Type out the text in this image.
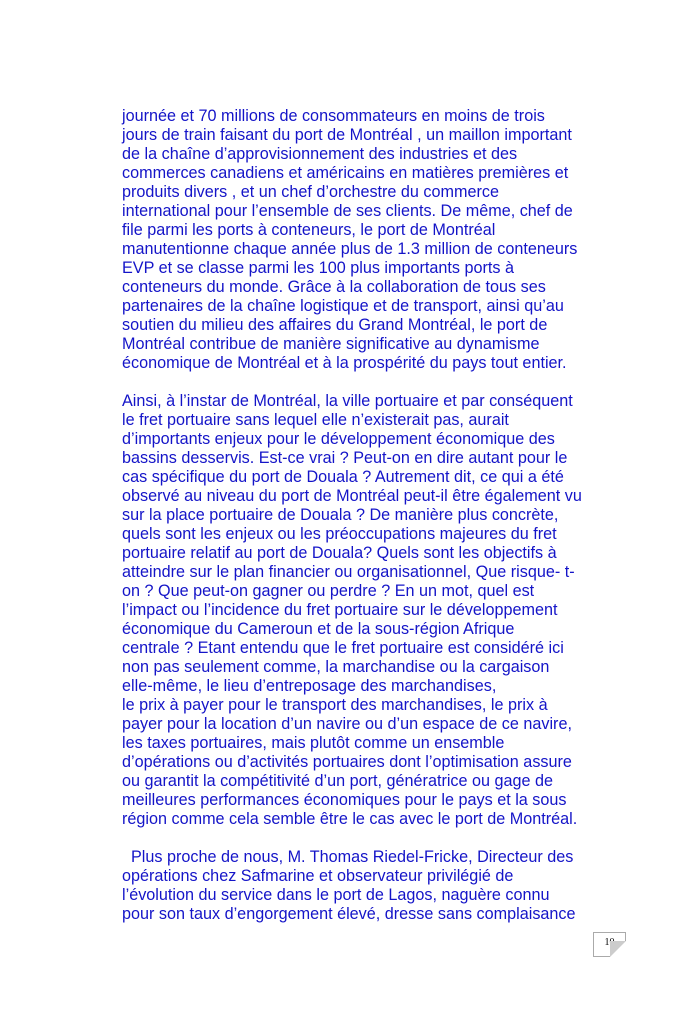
journée et 70 millions de consommateurs en moins de trois
jours de train faisant du port de Montréal , un maillon important
de la chaîne d’approvisionnement des industries et des
commerces canadiens et américains en matières premières et
produits divers , et un chef d’orchestre du commerce
international pour l’ensemble de ses clients. De même, chef de
file parmi les ports à conteneurs, le port de Montréal
manutentionne chaque année plus de 1.3 million de conteneurs
EVP et se classe parmi les 100 plus importants ports à
conteneurs du monde. Grâce à la collaboration de tous ses
partenaires de la chaîne logistique et de transport, ainsi qu’au
soutien du milieu des affaires du Grand Montréal, le port de
Montréal contribue de manière significative au dynamisme
économique de Montréal et à la prospérité du pays tout entier.
Ainsi, à l’instar de Montréal, la ville portuaire et par conséquent
le fret portuaire sans lequel elle n’existerait pas, aurait
d’importants enjeux pour le développement économique des
bassins desservis. Est-ce vrai ? Peut-on en dire autant pour le
cas spécifique du port de Douala ? Autrement dit, ce qui a été
observé au niveau du port de Montréal peut-il être également vu
sur la place portuaire de Douala ? De manière plus concrète,
quels sont les enjeux ou les préoccupations majeures du fret
portuaire relatif au port de Douala? Quels sont les objectifs à
atteindre sur le plan financier ou organisationnel, Que risque- t-
on ? Que peut-on gagner ou perdre ? En un mot, quel est
l’impact ou l’incidence du fret portuaire sur le développement
économique du Cameroun et de la sous-région Afrique
centrale ? Etant entendu que le fret portuaire est considéré ici
non pas seulement comme, la marchandise ou la cargaison
elle-même, le lieu d’entreposage des marchandises,
le prix à payer pour le transport des marchandises, le prix à
payer pour la location d’un navire ou d’un espace de ce navire,
les taxes portuaires, mais plutôt comme un ensemble
d’opérations ou d’activités portuaires dont l’optimisation assure
ou garantit la compétitivité d’un port, génératrice ou gage de
meilleures performances économiques pour le pays et la sous
région comme cela semble être le cas avec le port de Montréal.
Plus proche de nous, M. Thomas Riedel-Fricke, Directeur des
opérations chez Safmarine et observateur privilégié de
l’évolution du service dans le port de Lagos, naguère connu
pour son taux d’engorgement élevé, dresse sans complaisance
10
